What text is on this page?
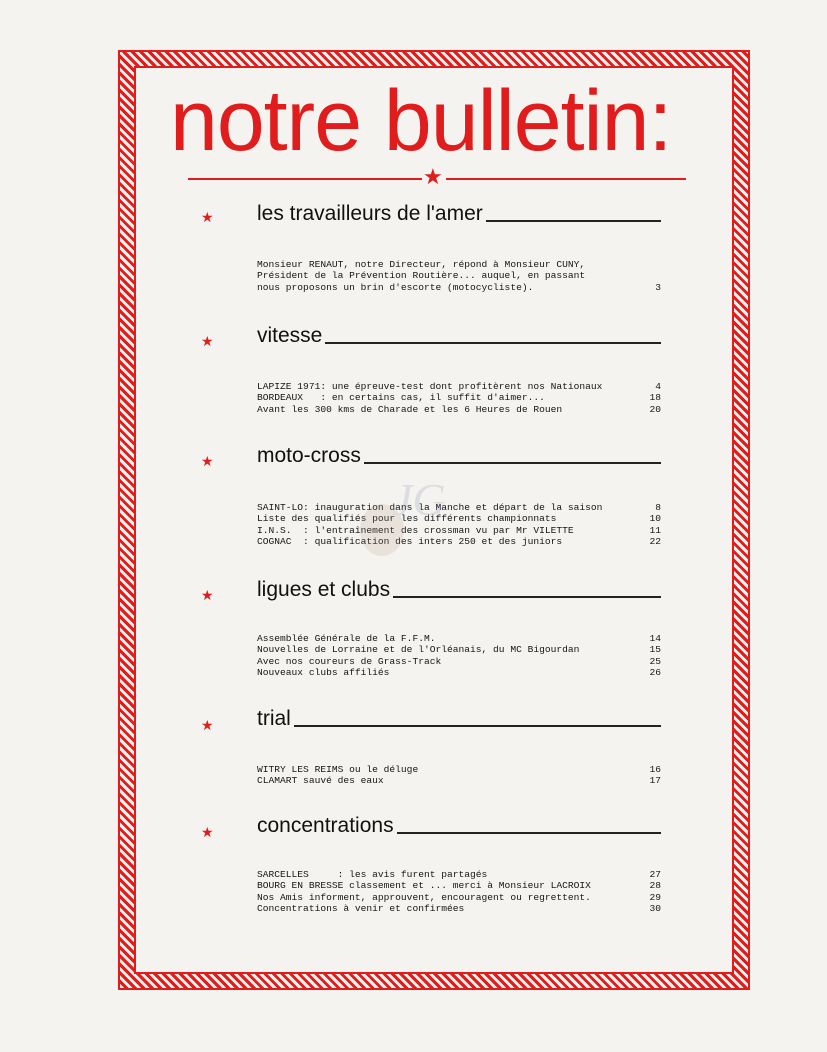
notre bulletin:
★
★ les travailleurs de l'amer
Monsieur RENAUT, notre Directeur, répond à Monsieur CUNY,
Président de la Prévention Routière... auquel, en passant
nous proposons un brin d'escorte (motocycliste).	3
★ vitesse
LAPIZE 1971: une épreuve-test dont profitèrent nos Nationaux	4
BORDEAUX   : en certains cas, il suffit d'aimer...	18
Avant les 300 kms de Charade et les 6 Heures de Rouen	20
★ moto-cross
SAINT-LO: inauguration dans la Manche et départ de la saison	8
Liste des qualifiés pour les différents championnats	10
I.N.S.  : l'entraînement des crossman vu par Mr VILETTE	11
COGNAC  : qualification des inters 250 et des juniors	22
★ ligues et clubs
Assemblée Générale de la F.F.M.	14
Nouvelles de Lorraine et de l'Orléanais, du MC Bigourdan	15
Avec nos coureurs de Grass-Track	25
Nouveaux clubs affiliés	26
★ trial
WITRY LES REIMS ou le déluge	16
CLAMART sauvé des eaux	17
★ concentrations
SARCELLES     : les avis furent partagés	27
BOURG EN BRESSE classement et ... merci à Monsieur LACROIX	28
Nos Amis informent, approuvent, encouragent ou regrettent.	29
Concentrations à venir et confirmées	30
JG
